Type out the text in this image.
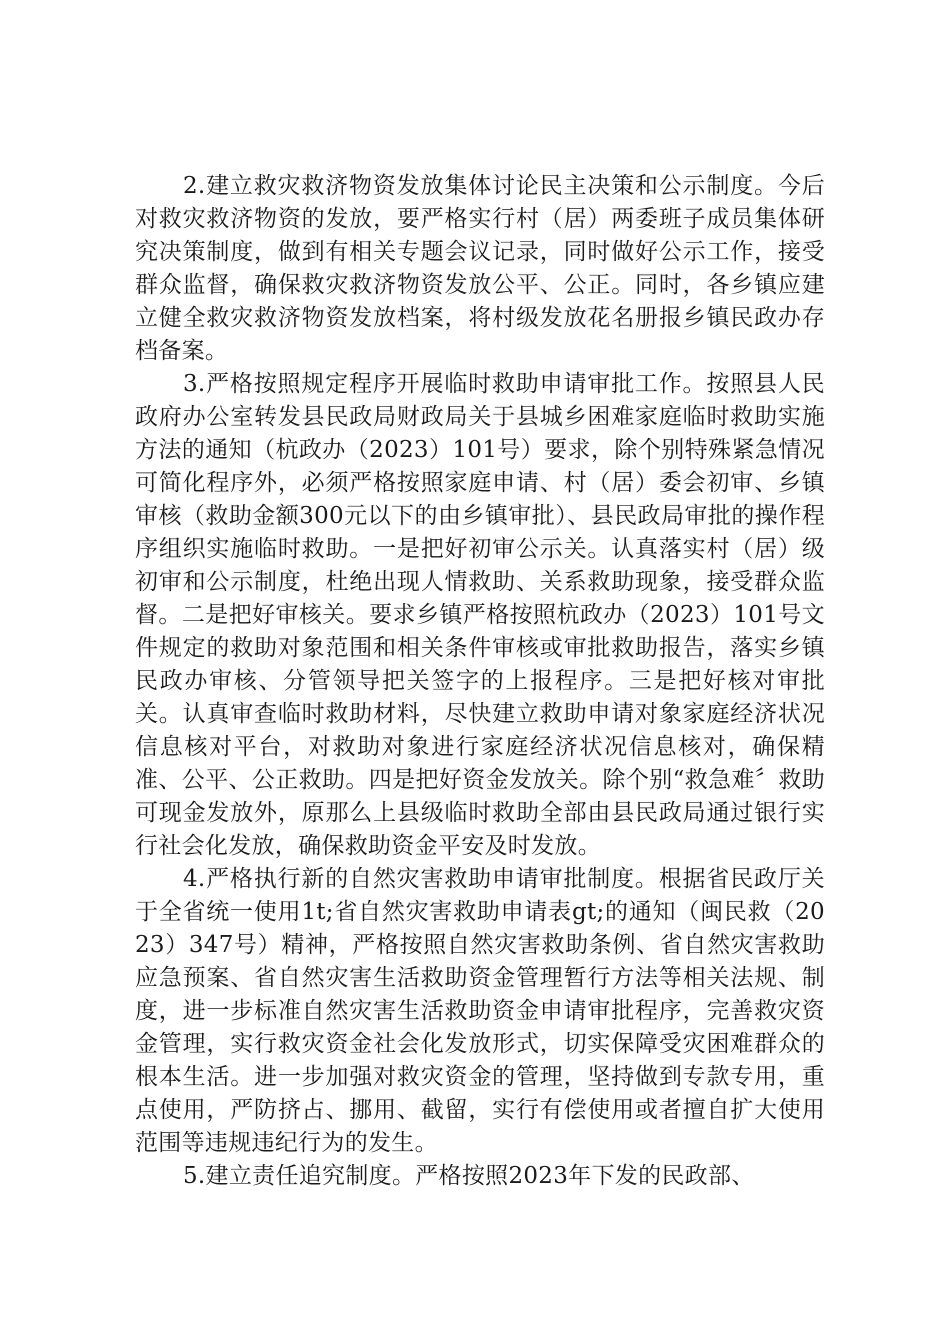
2.建立救灾救济物资发放集体讨论民主决策和公示制度。今后对救灾救济物资的发放，要严格实行村（居）两委班子成员集体研究决策制度，做到有相关专题会议记录，同时做好公示工作，接受群众监督，确保救灾救济物资发放公平、公正。同时，各乡镇应建立健全救灾救济物资发放档案，将村级发放花名册报乡镇民政办存档备案。

3.严格按照规定程序开展临时救助申请审批工作。按照县人民政府办公室转发县民政局财政局关于县城乡困难家庭临时救助实施方法的通知（杭政办（2023）101号）要求，除个别特殊紧急情况可简化程序外，必须严格按照家庭申请、村（居）委会初审、乡镇审核（救助金额300元以下的由乡镇审批）、县民政局审批的操作程序组织实施临时救助。一是把好初审公示关。认真落实村（居）级初审和公示制度，杜绝出现人情救助、关系救助现象，接受群众监督。二是把好审核关。要求乡镇严格按照杭政办（2023）101号文件规定的救助对象范围和相关条件审核或审批救助报告，落实乡镇民政办审核、分管领导把关签字的上报程序。三是把好核对审批关。认真审查临时救助材料，尽快建立救助申请对象家庭经济状况信息核对平台，对救助对象进行家庭经济状况信息核对，确保精准、公平、公正救助。四是把好资金发放关。除个别“救急难〞救助可现金发放外，原那么上县级临时救助全部由县民政局通过银行实行社会化发放，确保救助资金平安及时发放。

4.严格执行新的自然灾害救助申请审批制度。根据省民政厅关于全省统一使用1t;省自然灾害救助申请表gt;的通知（闽民救（2023）347号）精神，严格按照自然灾害救助条例、省自然灾害救助应急预案、省自然灾害生活救助资金管理暂行方法等相关法规、制度，进一步标准自然灾害生活救助资金申请审批程序，完善救灾资金管理，实行救灾资金社会化发放形式，切实保障受灾困难群众的根本生活。进一步加强对救灾资金的管理，坚持做到专款专用，重点使用，严防挤占、挪用、截留，实行有偿使用或者擅自扩大使用范围等违规违纪行为的发生。

5.建立责任追究制度。严格按照2023年下发的民政部、
